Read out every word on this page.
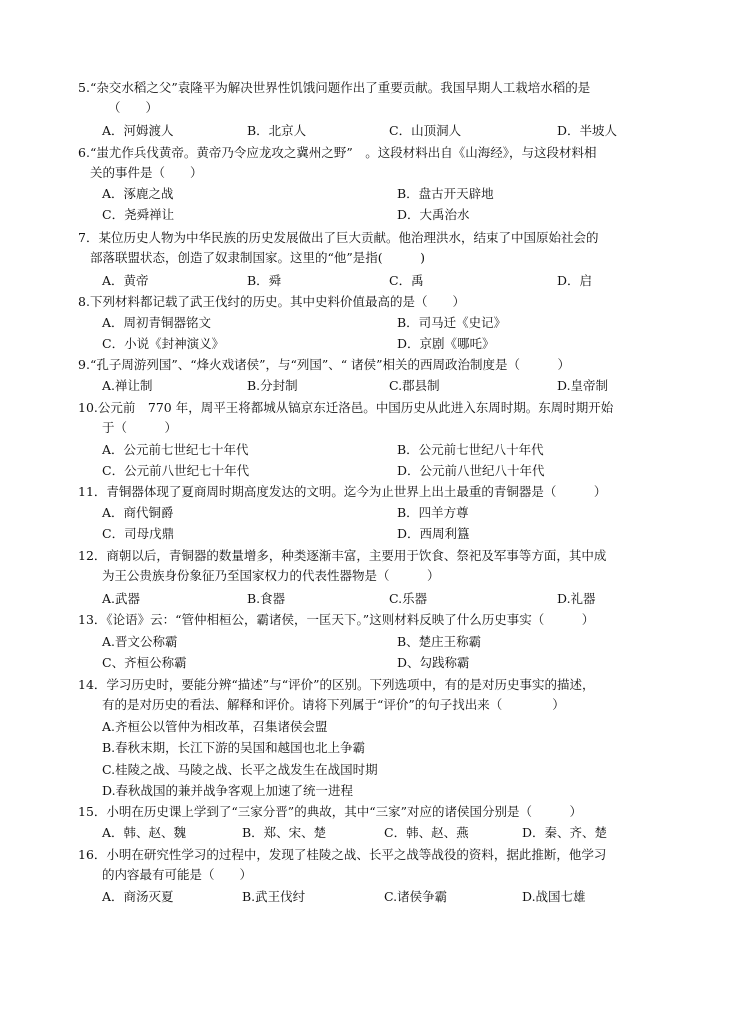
5.“杂交水稻之父”袁隆平为解决世界性饥饿问题作出了重要贡献。我国早期人工栽培水稻的是
（　　）
A．河姆渡人	B．北京人	C．山顶洞人	D．半坡人
6.“蚩尤作兵伐黄帝。黄帝乃令应龙攻之冀州之野”　。这段材料出自《山海经》，与这段材料相
关的事件是（　　）
A．涿鹿之战	B．盘古开天辟地
C．尧舜禅让	D．大禹治水
7．某位历史人物为中华民族的历史发展做出了巨大贡献。他治理洪水，结束了中国原始社会的
部落联盟状态，创造了奴隶制国家。这里的“他”是指(　　　)
A．黄帝	B．舜	C．禹	D．启
8.下列材料都记载了武王伐纣的历史。其中史料价值最高的是（　　）
A．周初青铜器铭文	B．司马迁《史记》
C．小说《封神演义》	D．京剧《哪吒》
9.“孔子周游列国”、“烽火戏诸侯”，与“列国”、“ 诸侯”相关的西周政治制度是（　　　）
A.禅让制	B.分封制	C.郡县制	D.皇帝制
10.公元前　770 年，周平王将都城从镐京东迁洛邑。中国历史从此进入东周时期。东周时期开始
于（　　　）
A．公元前七世纪七十年代	B．公元前七世纪八十年代
C．公元前八世纪七十年代	D．公元前八世纪八十年代
11．青铜器体现了夏商周时期高度发达的文明。迄今为止世界上出土最重的青铜器是（　　　）
A．商代铜爵	B．四羊方尊
C．司母戊鼎	D．西周利簋
12．商朝以后，青铜器的数量增多，种类逐渐丰富，主要用于饮食、祭祀及军事等方面，其中成
为王公贵族身份象征乃至国家权力的代表性器物是（　　　）
A.武器	B.食器	C.乐器	D.礼器
13．《论语》云：“管仲相桓公，霸诸侯，一匡天下。”这则材料反映了什么历史事实（　　　）
A.晋文公称霸	B、楚庄王称霸
C、齐桓公称霸	D、勾践称霸
14．学习历史时，要能分辨“描述”与“评价”的区别。下列选项中，有的是对历史事实的描述，
有的是对历史的看法、解释和评价。请将下列属于“评价”的句子找出来（　　　　）
A.齐桓公以管仲为相改革，召集诸侯会盟
B.春秋末期，长江下游的吴国和越国也北上争霸
C.桂陵之战、马陵之战、长平之战发生在战国时期
D.春秋战国的兼并战争客观上加速了统一进程
15．小明在历史课上学到了“三家分晋”的典故，其中“三家”对应的诸侯国分别是（　　　）
A．韩、赵、魏	B．郑、宋、楚	C．韩、赵、燕	D．秦、齐、楚
16．小明在研究性学习的过程中，发现了桂陵之战、长平之战等战役的资料，据此推断，他学习
的内容最有可能是（　　）
A．商汤灭夏	B.武王伐纣	C.诸侯争霸	D.战国七雄
